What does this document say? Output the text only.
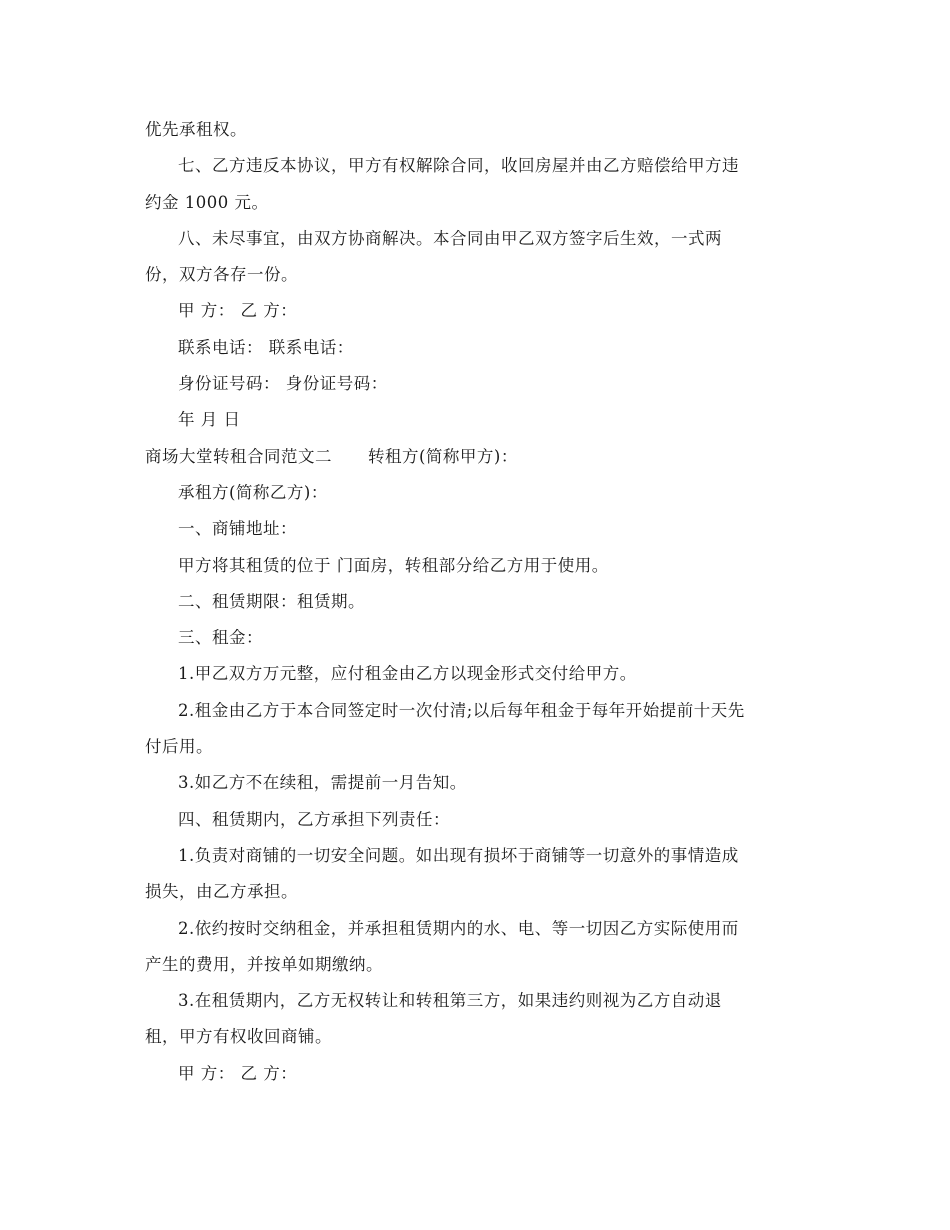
优先承租权。
七、乙方违反本协议，甲方有权解除合同，收回房屋并由乙方赔偿给甲方违
约金 1000 元。
八、未尽事宜，由双方协商解决。本合同由甲乙双方签字后生效，一式两
份，双方各存一份。
甲 方： 乙 方：
联系电话： 联系电话：
身份证号码： 身份证号码：
年 月 日
商场大堂转租合同范文二 转租方(简称甲方)：
承租方(简称乙方)：
一、商铺地址：
甲方将其租赁的位于 门面房，转租部分给乙方用于使用。
二、租赁期限：租赁期。
三、租金：
1.甲乙双方万元整，应付租金由乙方以现金形式交付给甲方。
2.租金由乙方于本合同签定时一次付清;以后每年租金于每年开始提前十天先
付后用。
3.如乙方不在续租，需提前一月告知。
四、租赁期内，乙方承担下列责任：
1.负责对商铺的一切安全问题。如出现有损坏于商铺等一切意外的事情造成
损失，由乙方承担。
2.依约按时交纳租金，并承担租赁期内的水、电、等一切因乙方实际使用而
产生的费用，并按单如期缴纳。
3.在租赁期内，乙方无权转让和转租第三方，如果违约则视为乙方自动退
租，甲方有权收回商铺。
甲 方： 乙 方：
